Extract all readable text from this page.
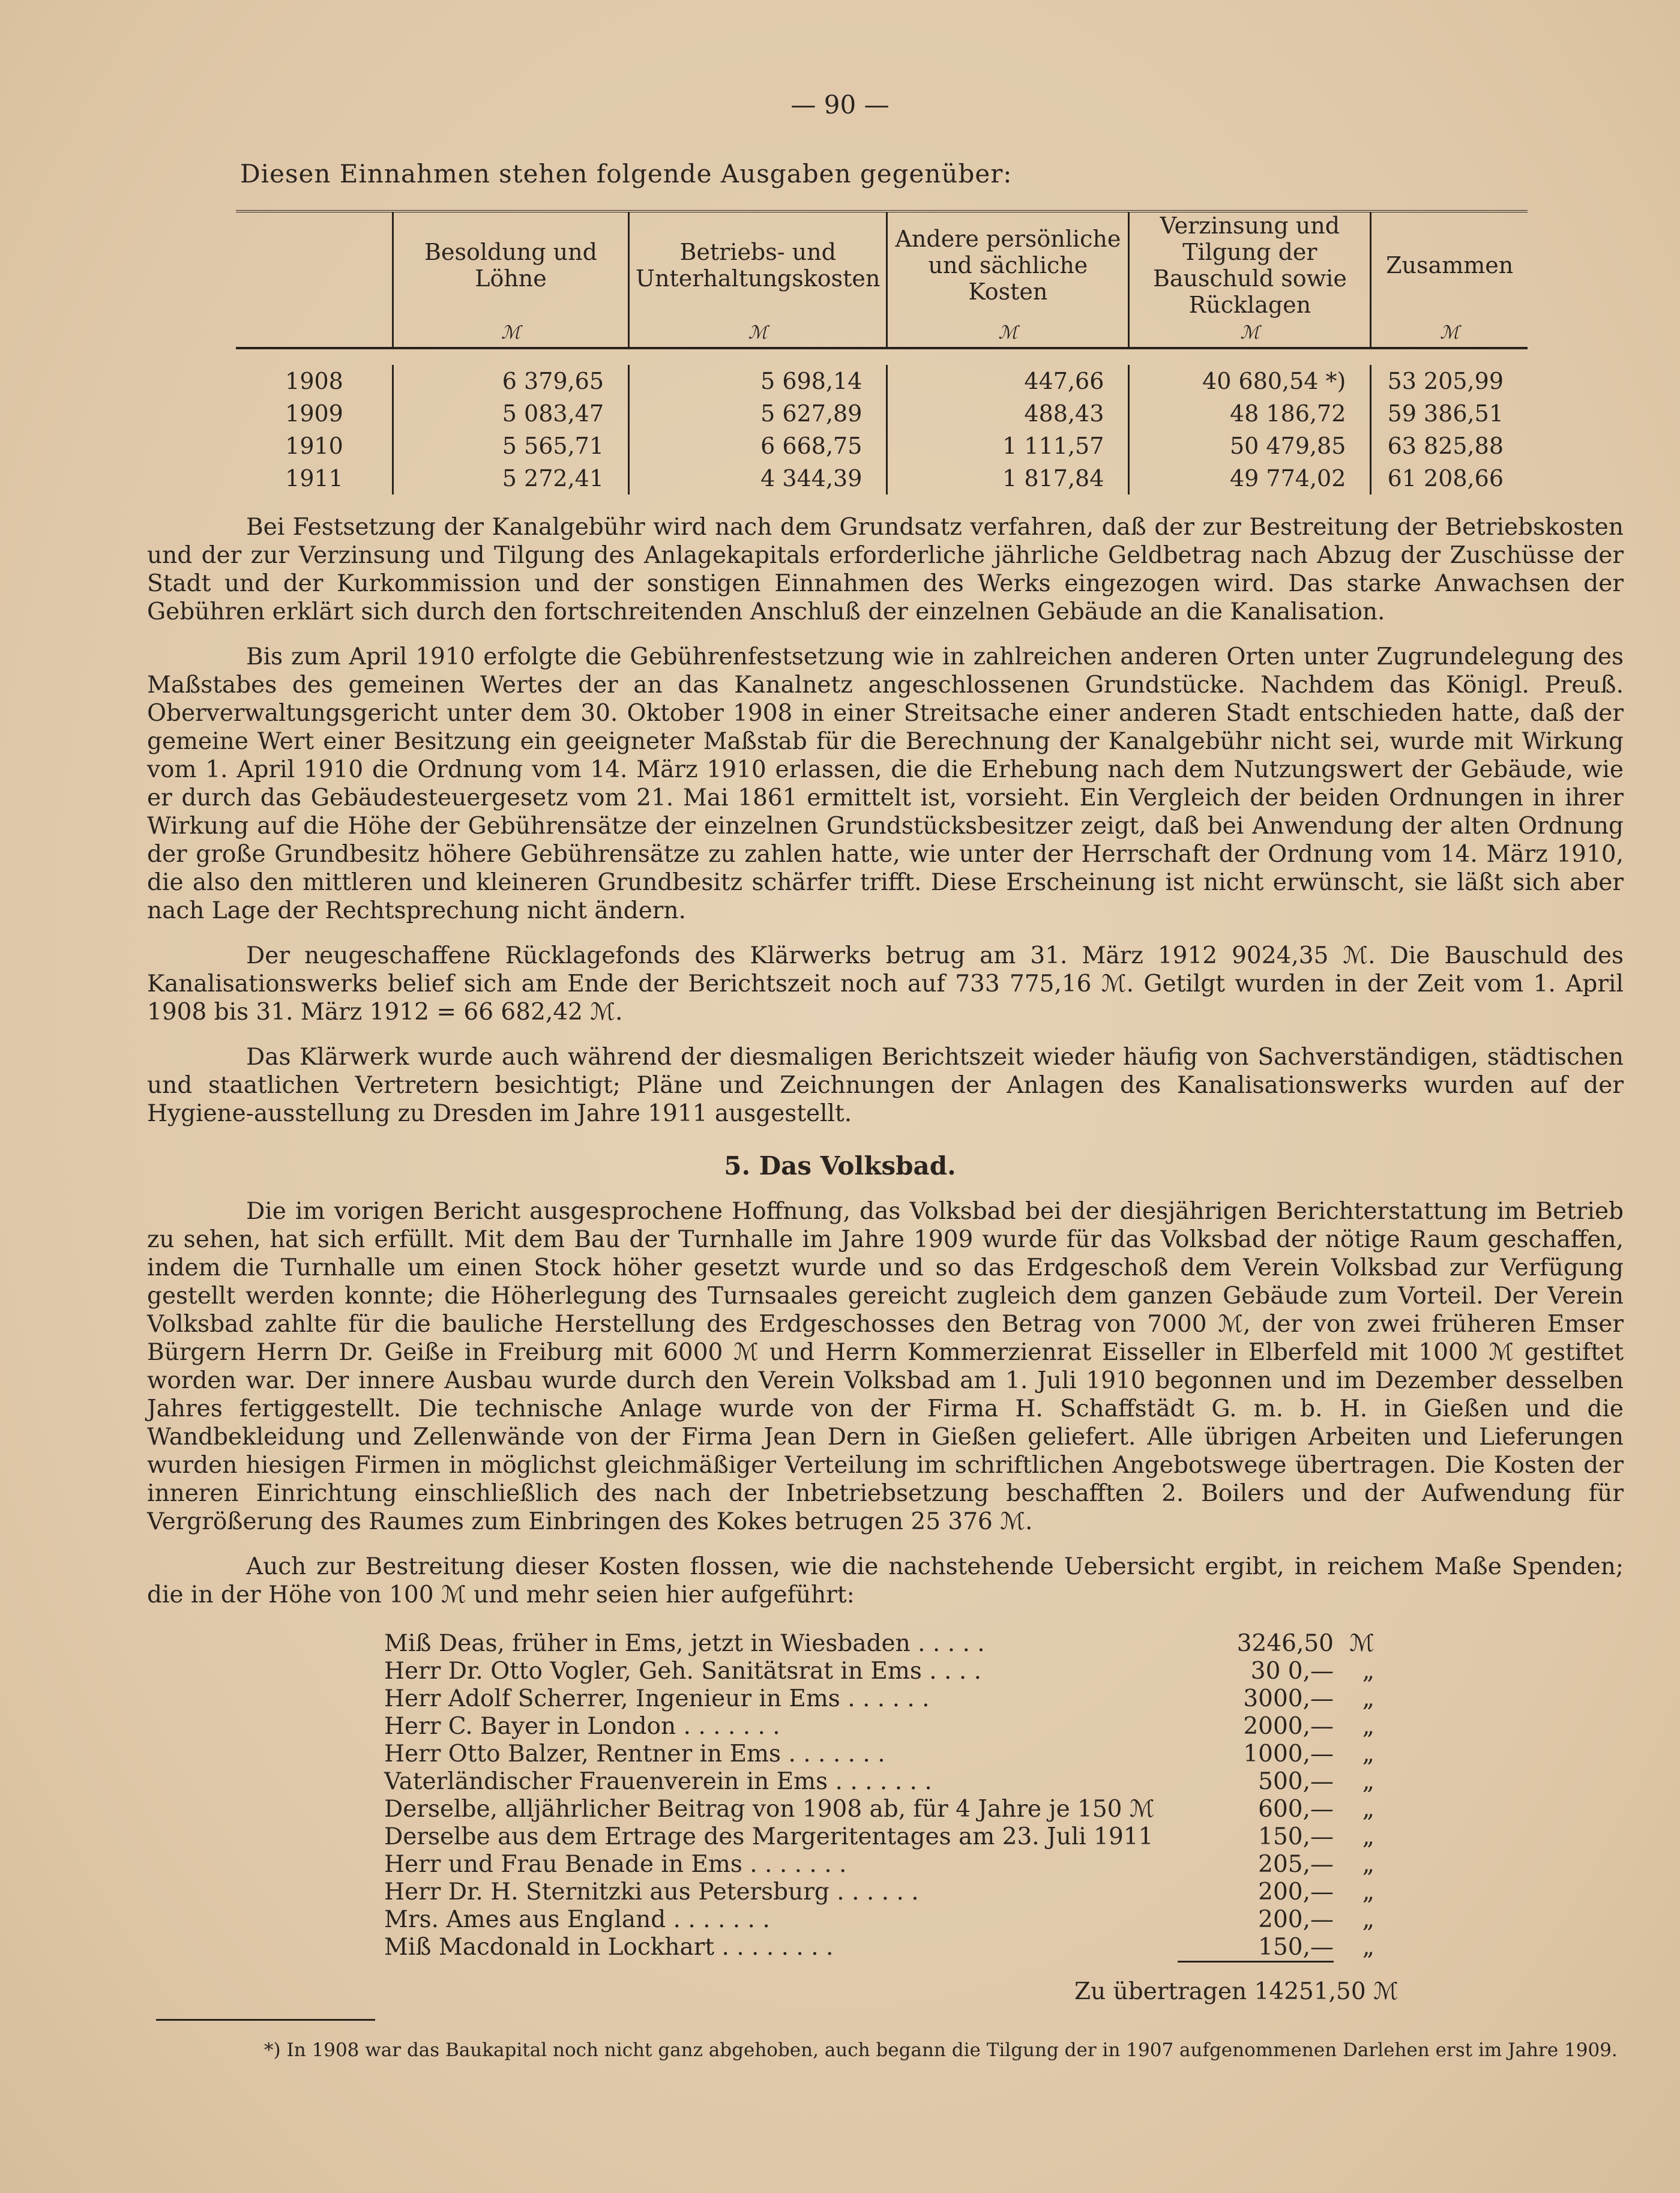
— 90 —
Diesen Einnahmen stehen folgende Ausgaben gegenüber:

	Besoldung und Löhne	Betriebs- und Unterhaltungskosten	Andere persönliche und sächliche Kosten	Verzinsung und Tilgung der Bauschuld sowie Rücklagen	Zusammen
	ℳ	ℳ	ℳ	ℳ	ℳ

1908	6 379,65	5 698,14	447,66	40 680,54 *)	53 205,99
1909	5 083,47	5 627,89	488,43	48 186,72	59 386,51
1910	5 565,71	6 668,75	1 111,57	50 479,85	63 825,88
1911	5 272,41	4 344,39	1 817,84	49 774,02	61 208,66

Bei Festsetzung der Kanalgebühr wird nach dem Grundsatz verfahren, daß der zur Bestreitung der Betriebskosten und der zur Verzinsung und Tilgung des Anlagekapitals erforderliche jährliche Geldbetrag nach Abzug der Zuschüsse der Stadt und der Kurkommission und der sonstigen Einnahmen des Werks eingezogen wird. Das starke Anwachsen der Gebühren erklärt sich durch den fortschreitenden Anschluß der einzelnen Gebäude an die Kanalisation.

Bis zum April 1910 erfolgte die Gebührenfestsetzung wie in zahlreichen anderen Orten unter Zugrundelegung des Maßstabes des gemeinen Wertes der an das Kanalnetz angeschlossenen Grundstücke. Nachdem das Königl. Preuß. Oberverwaltungsgericht unter dem 30. Oktober 1908 in einer Streitsache einer anderen Stadt entschieden hatte, daß der gemeine Wert einer Besitzung ein geeigneter Maßstab für die Berechnung der Kanalgebühr nicht sei, wurde mit Wirkung vom 1. April 1910 die Ordnung vom 14. März 1910 erlassen, die die Erhebung nach dem Nutzungswert der Gebäude, wie er durch das Gebäudesteuergesetz vom 21. Mai 1861 ermittelt ist, vorsieht. Ein Vergleich der beiden Ordnungen in ihrer Wirkung auf die Höhe der Gebührensätze der einzelnen Grundstücksbesitzer zeigt, daß bei Anwendung der alten Ordnung der große Grundbesitz höhere Gebührensätze zu zahlen hatte, wie unter der Herrschaft der Ordnung vom 14. März 1910, die also den mittleren und kleineren Grundbesitz schärfer trifft. Diese Erscheinung ist nicht erwünscht, sie läßt sich aber nach Lage der Rechtsprechung nicht ändern.

Der neugeschaffene Rücklagefonds des Klärwerks betrug am 31. März 1912 9024,35 ℳ. Die Bauschuld des Kanalisationswerks belief sich am Ende der Berichtszeit noch auf 733 775,16 ℳ. Getilgt wurden in der Zeit vom 1. April 1908 bis 31. März 1912 = 66 682,42 ℳ.

Das Klärwerk wurde auch während der diesmaligen Berichtszeit wieder häufig von Sachverständigen, städtischen und staatlichen Vertretern besichtigt; Pläne und Zeichnungen der Anlagen des Kanalisationswerks wurden auf der Hygiene-ausstellung zu Dresden im Jahre 1911 ausgestellt.

5. Das Volksbad.

Die im vorigen Bericht ausgesprochene Hoffnung, das Volksbad bei der diesjährigen Berichterstattung im Betrieb zu sehen, hat sich erfüllt. Mit dem Bau der Turnhalle im Jahre 1909 wurde für das Volksbad der nötige Raum geschaffen, indem die Turnhalle um einen Stock höher gesetzt wurde und so das Erdgeschoß dem Verein Volksbad zur Verfügung gestellt werden konnte; die Höherlegung des Turnsaales gereicht zugleich dem ganzen Gebäude zum Vorteil. Der Verein Volksbad zahlte für die bauliche Herstellung des Erdgeschosses den Betrag von 7000 ℳ, der von zwei früheren Emser Bürgern Herrn Dr. Geiße in Freiburg mit 6000 ℳ und Herrn Kommerzienrat Eisseller in Elberfeld mit 1000 ℳ gestiftet worden war. Der innere Ausbau wurde durch den Verein Volksbad am 1. Juli 1910 begonnen und im Dezember desselben Jahres fertiggestellt. Die technische Anlage wurde von der Firma H. Schaffstädt G. m. b. H. in Gießen und die Wandbekleidung und Zellenwände von der Firma Jean Dern in Gießen geliefert. Alle übrigen Arbeiten und Lieferungen wurden hiesigen Firmen in möglichst gleichmäßiger Verteilung im schriftlichen Angebotswege übertragen. Die Kosten der inneren Einrichtung einschließlich des nach der Inbetriebsetzung beschafften 2. Boilers und der Aufwendung für Vergrößerung des Raumes zum Einbringen des Kokes betrugen 25 376 ℳ.

Auch zur Bestreitung dieser Kosten flossen, wie die nachstehende Uebersicht ergibt, in reichem Maße Spenden; die in der Höhe von 100 ℳ und mehr seien hier aufgeführt:

Miß Deas, früher in Ems, jetzt in Wiesbaden . . . . .	3246,50	ℳ
Herr Dr. Otto Vogler, Geh. Sanitätsrat in Ems . . . .	30 0,—	„
Herr Adolf Scherrer, Ingenieur in Ems . . . . . .	3000,—	„
Herr C. Bayer in London . . . . . . .	2000,—	„
Herr Otto Balzer, Rentner in Ems . . . . . . .	1000,—	„
Vaterländischer Frauenverein in Ems . . . . . . .	500,—	„
Derselbe, alljährlicher Beitrag von 1908 ab, für 4 Jahre je 150 ℳ	600,—	„
Derselbe aus dem Ertrage des Margeritentages am 23. Juli 1911	150,—	„
Herr und Frau Benade in Ems . . . . . . .	205,—	„
Herr Dr. H. Sternitzki aus Petersburg . . . . . .	200,—	„
Mrs. Ames aus England . . . . . . .	200,—	„
Miß Macdonald in Lockhart . . . . . . . .	150,—	„
Zu übertragen 14251,50 ℳ
*) In 1908 war das Baukapital noch nicht ganz abgehoben, auch begann die Tilgung der in 1907 aufgenommenen Darlehen erst im Jahre 1909.
